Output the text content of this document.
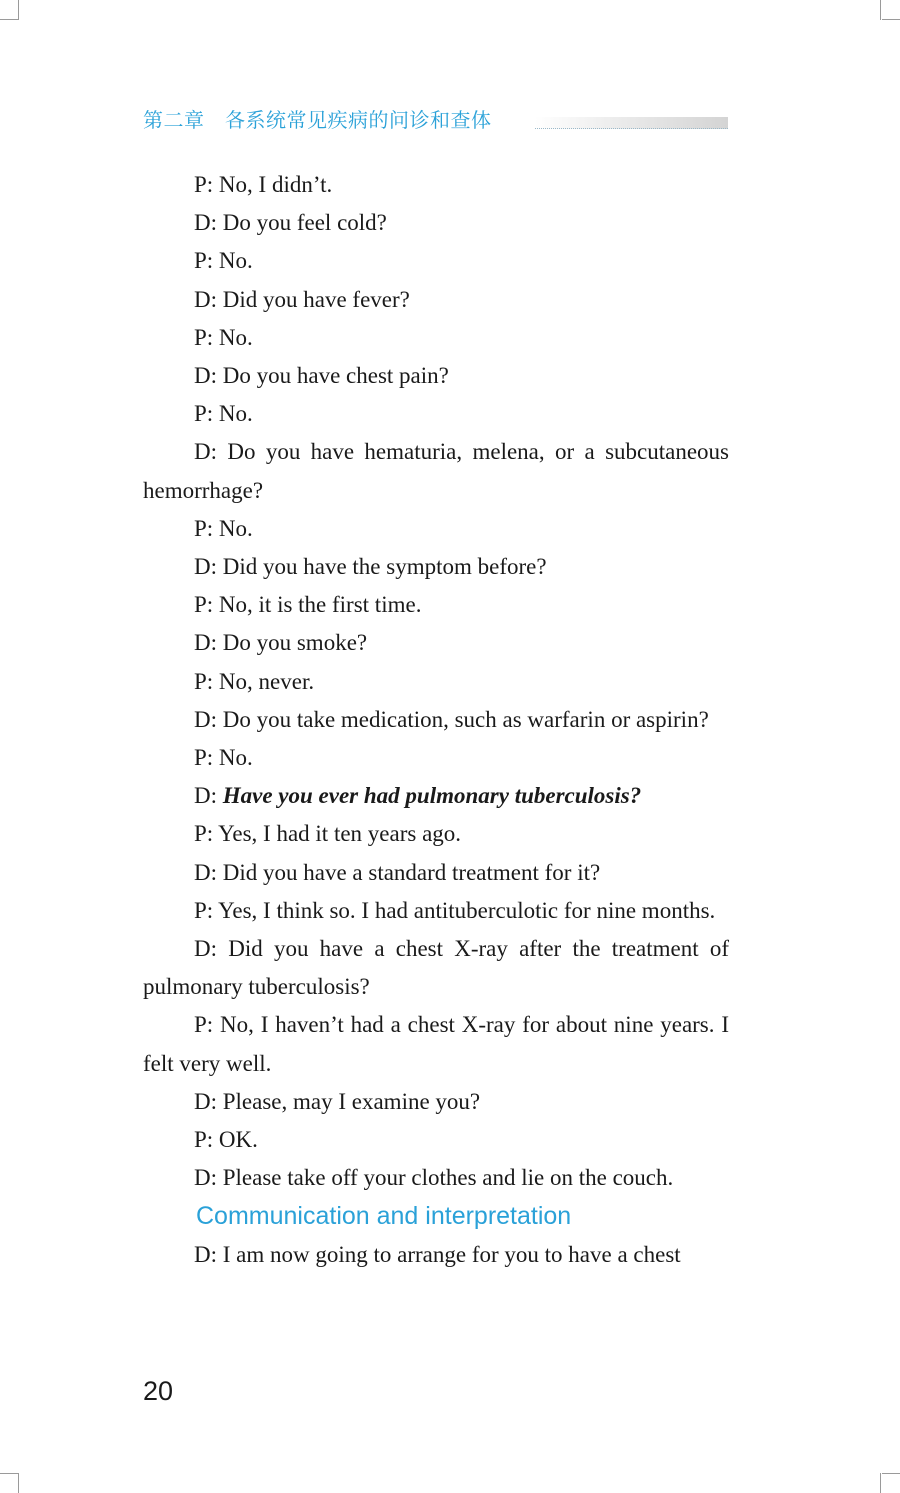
第二章　各系统常见疾病的问诊和查体

P: No, I didn’t.

D: Do you feel cold?

P: No.

D: Did you have fever?

P: No.

D: Do you have chest pain?

P: No.

D: Do you have hematuria, melena, or a subcutaneous hemorrhage?

P: No.

D: Did you have the symptom before?

P: No, it is the first time.

D: Do you smoke?

P: No, never.

D: Do you take medication, such as warfarin or aspirin?

P: No.

D: Have you ever had pulmonary tuberculosis?

P: Yes, I had it ten years ago.

D: Did you have a standard treatment for it?

P: Yes, I think so. I had antituberculotic for nine months.

D: Did you have a chest X-ray after the treatment of pulmonary tuberculosis?

P: No, I haven’t had a chest X-ray for about nine years. I felt very well.

D: Please, may I examine you?

P: OK.

D: Please take off your clothes and lie on the couch.

Communication and interpretation

D: I am now going to arrange for you to have a chest

20
